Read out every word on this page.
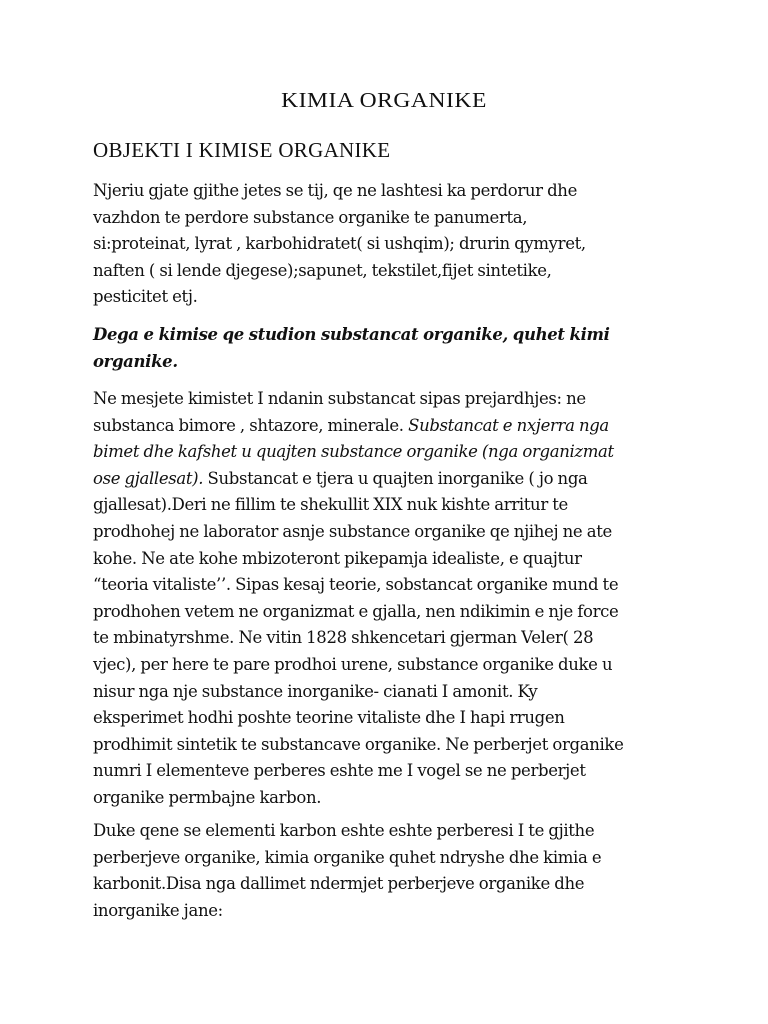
KIMIA ORGANIKE
OBJEKTI I KIMISE ORGANIKE
Njeriu gjate gjithe jetes se tij, qe ne lashtesi ka perdorur dhe
vazhdon te perdore substance organike te panumerta,
si:proteinat, lyrat , karbohidratet( si ushqim); drurin qymyret,
naften ( si lende djegese);sapunet, tekstilet,fijet sintetike,
pesticitet etj.
Dega e kimise qe studion substancat organike, quhet kimi
organike.
Ne mesjete kimistet I ndanin substancat sipas prejardhjes: ne
substanca bimore , shtazore, minerale. Substancat e nxjerra nga
bimet dhe kafshet u quajten substance organike (nga organizmat
ose gjallesat). Substancat e tjera u quajten inorganike ( jo nga
gjallesat).Deri ne fillim te shekullit XIX nuk kishte arritur te
prodhohej ne laborator asnje substance organike qe njihej ne ate
kohe. Ne ate kohe mbizoteront pikepamja idealiste, e quajtur
“teoria vitaliste’’. Sipas kesaj teorie, sobstancat organike mund te
prodhohen vetem ne organizmat e gjalla, nen ndikimin e nje force
te mbinatyrshme. Ne vitin 1828 shkencetari gjerman Veler( 28
vjec), per here te pare prodhoi urene, substance organike duke u
nisur nga nje substance inorganike- cianati I amonit. Ky
eksperimet hodhi poshte teorine vitaliste dhe I hapi rrugen
prodhimit sintetik te substancave organike. Ne perberjet organike
numri I elementeve perberes eshte me I vogel se ne perberjet
organike permbajne karbon.
Duke qene se elementi karbon eshte eshte perberesi I te gjithe
perberjeve organike, kimia organike quhet ndryshe dhe kimia e
karbonit.Disa nga dallimet ndermjet perberjeve organike dhe
inorganike jane:
